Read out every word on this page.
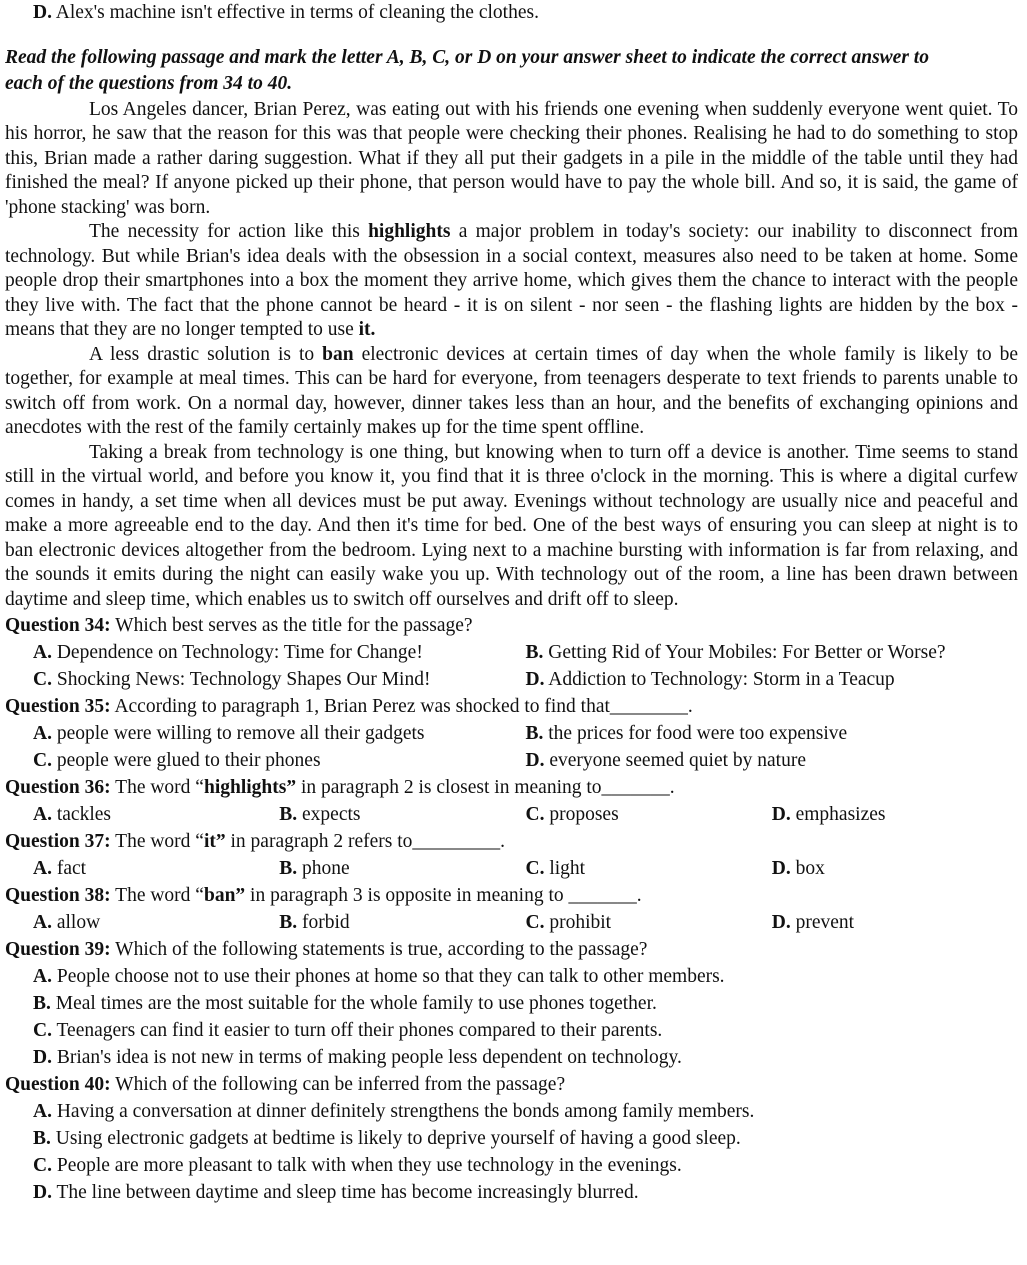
D. Alex's machine isn't effective in terms of cleaning the clothes.
Read the following passage and mark the letter A, B, C, or D on your answer sheet to indicate the correct answer to
each of the questions from 34 to 40.

Los Angeles dancer, Brian Perez, was eating out with his friends one evening when suddenly everyone went quiet. To his horror, he saw that the reason for this was that people were checking their phones. Realising he had to do something to stop this, Brian made a rather daring suggestion. What if they all put their gadgets in a pile in the middle of the table until they had finished the meal? If anyone picked up their phone, that person would have to pay the whole bill. And so, it is said, the game of 'phone stacking' was born.

The necessity for action like this highlights a major problem in today's society: our inability to disconnect from technology. But while Brian's idea deals with the obsession in a social context, measures also need to be taken at home. Some people drop their smartphones into a box the moment they arrive home, which gives them the chance to interact with the people they live with. The fact that the phone cannot be heard - it is on silent - nor seen - the flashing lights are hidden by the box - means that they are no longer tempted to use it.

A less drastic solution is to ban electronic devices at certain times of day when the whole family is likely to be together, for example at meal times. This can be hard for everyone, from teenagers desperate to text friends to parents unable to switch off from work. On a normal day, however, dinner takes less than an hour, and the benefits of exchanging opinions and anecdotes with the rest of the family certainly makes up for the time spent offline.

Taking a break from technology is one thing, but knowing when to turn off a device is another. Time seems to stand still in the virtual world, and before you know it, you find that it is three o'clock in the morning. This is where a digital curfew comes in handy, a set time when all devices must be put away. Evenings without technology are usually nice and peaceful and make a more agreeable end to the day. And then it's time for bed. One of the best ways of ensuring you can sleep at night is to ban electronic devices altogether from the bedroom. Lying next to a machine bursting with information is far from relaxing, and the sounds it emits during the night can easily wake you up. With technology out of the room, a line has been drawn between daytime and sleep time, which enables us to switch off ourselves and drift off to sleep.

Question 34: Which best serves as the title for the passage?
A. Dependence on Technology: Time for Change!	B. Getting Rid of Your Mobiles: For Better or Worse?
C. Shocking News: Technology Shapes Our Mind!	D. Addiction to Technology: Storm in a Teacup
Question 35: According to paragraph 1, Brian Perez was shocked to find that________.
A. people were willing to remove all their gadgets	B. the prices for food were too expensive
C. people were glued to their phones	D. everyone seemed quiet by nature
Question 36: The word “highlights” in paragraph 2 is closest in meaning to_______.
A. tackles	B. expects	C. proposes	D. emphasizes
Question 37: The word “it” in paragraph 2 refers to_________.
A. fact	B. phone	C. light	D. box
Question 38: The word “ban” in paragraph 3 is opposite in meaning to _______.
A. allow	B. forbid	C. prohibit	D. prevent
Question 39: Which of the following statements is true, according to the passage?
A. People choose not to use their phones at home so that they can talk to other members.
B. Meal times are the most suitable for the whole family to use phones together.
C. Teenagers can find it easier to turn off their phones compared to their parents.
D. Brian's idea is not new in terms of making people less dependent on technology.
Question 40: Which of the following can be inferred from the passage?
A. Having a conversation at dinner definitely strengthens the bonds among family members.
B. Using electronic gadgets at bedtime is likely to deprive yourself of having a good sleep.
C. People are more pleasant to talk with when they use technology in the evenings.
D. The line between daytime and sleep time has become increasingly blurred.
